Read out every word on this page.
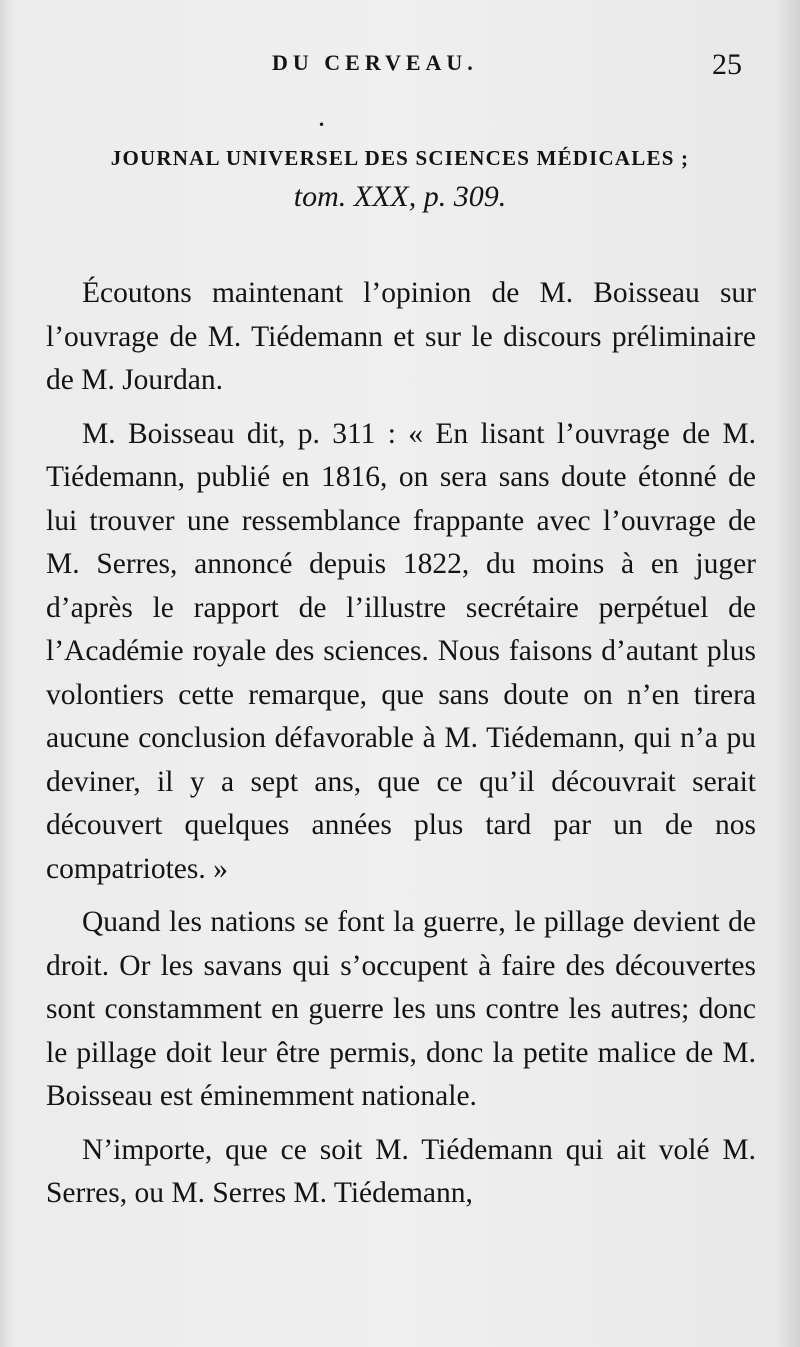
DU CERVEAU.	25
•
JOURNAL UNIVERSEL DES SCIENCES MÉDICALES ;
tom. XXX, p. 309.

Écoutons maintenant l’opinion de M. Boisseau sur l’ouvrage de M. Tiédemann et sur le discours préliminaire de M. Jourdan.

M. Boisseau dit, p. 311 : « En lisant l’ouvrage de M. Tiédemann, publié en 1816, on sera sans doute étonné de lui trouver une ressemblance frappante avec l’ouvrage de M. Serres, annoncé depuis 1822, du moins à en juger d’après le rapport de l’illustre secrétaire perpétuel de l’Académie royale des sciences. Nous faisons d’autant plus volontiers cette remarque, que sans doute on n’en tirera aucune conclusion défavorable à M. Tiédemann, qui n’a pu deviner, il y a sept ans, que ce qu’il découvrait serait découvert quelques années plus tard par un de nos compatriotes. »

Quand les nations se font la guerre, le pillage devient de droit. Or les savans qui s’occupent à faire des découvertes sont constamment en guerre les uns contre les autres; donc le pillage doit leur être permis, donc la petite malice de M. Boisseau est éminemment nationale.

N’importe, que ce soit M. Tiédemann qui ait volé M. Serres, ou M. Serres M. Tiédemann,
